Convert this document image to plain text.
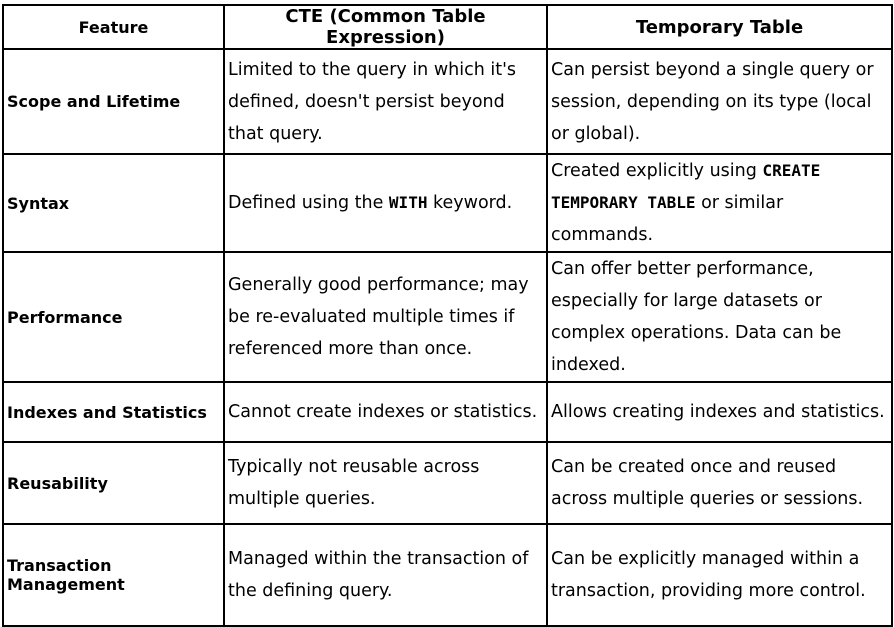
Feature	CTE (Common Table Expression)	Temporary Table
Scope and Lifetime	Limited to the query in which it's defined, doesn't persist beyond that query.	Can persist beyond a single query or session, depending on its type (local or global).
Syntax	Defined using the WITH keyword.	Created explicitly using CREATE TEMPORARY TABLE or similar commands.
Performance	Generally good performance; may be re-evaluated multiple times if referenced more than once.	Can offer better performance, especially for large datasets or complex operations. Data can be indexed.
Indexes and Statistics	Cannot create indexes or statistics.	Allows creating indexes and statistics.
Reusability	Typically not reusable across multiple queries.	Can be created once and reused across multiple queries or sessions.
Transaction Management	Managed within the transaction of the defining query.	Can be explicitly managed within a transaction, providing more control.
